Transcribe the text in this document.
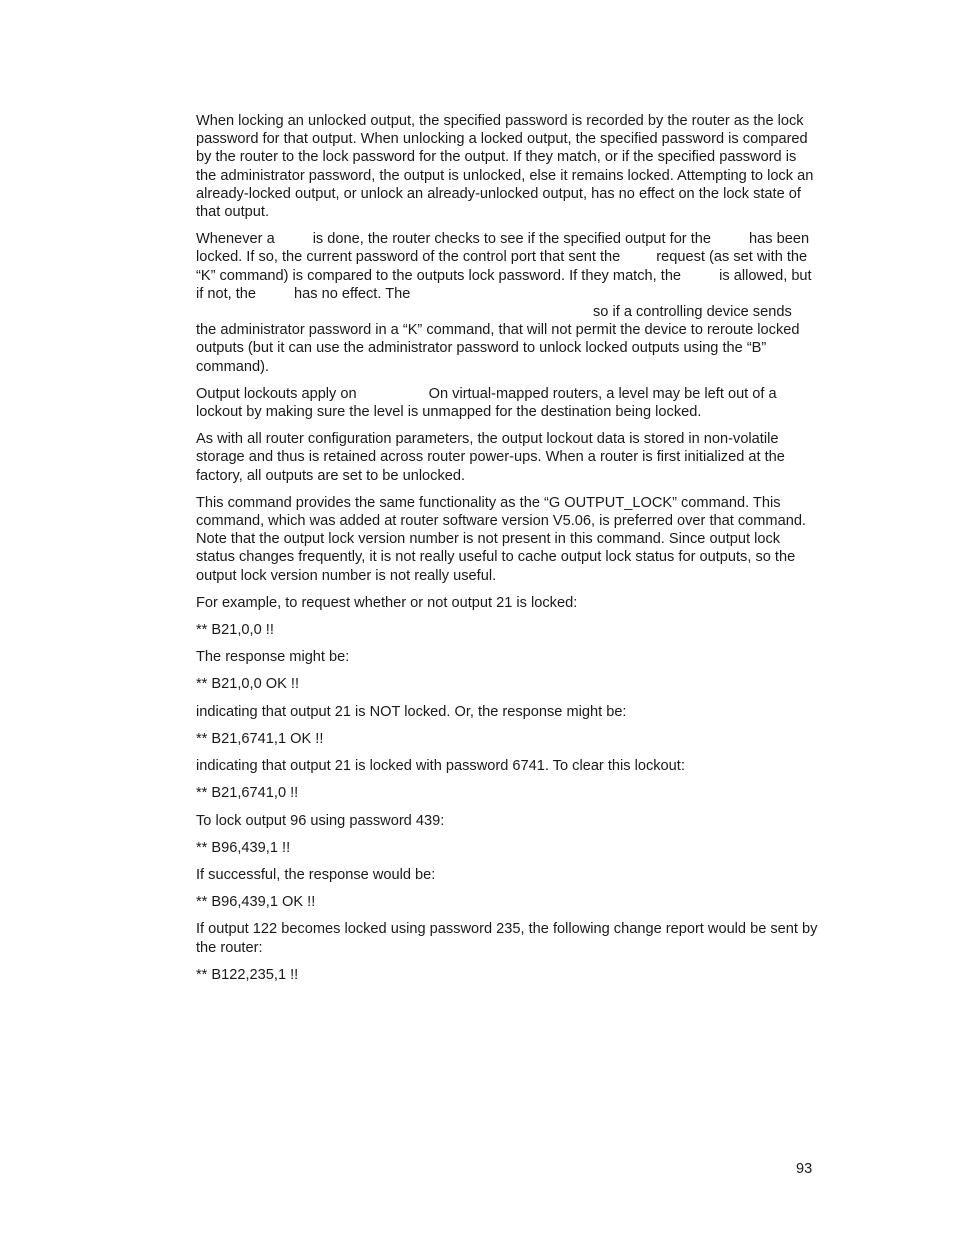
When locking an unlocked output, the specified password is recorded by the router as the lock password for that output. When unlocking a locked output, the specified password is compared by the router to the lock password for the output. If they match, or if the specified password is the administrator password, the output is unlocked, else it remains locked. Attempting to lock an already-locked output, or unlock an already-unlocked output, has no effect on the lock state of that output.

Whenever a	is done, the router checks to see if the specified output for the	has been locked. If so, the current password of the control port that sent the request (as set with the “K” command) is compared to the outputs lock password. If they match, the	is allowed, but if not, the	has no effect. The
so if a controlling device sends
the administrator password in a “K” command, that will not permit the device to reroute locked outputs (but it can use the administrator password to unlock locked outputs using the “B” command).

Output lockouts apply on	On virtual-mapped routers, a level may be left out of a lockout by making sure the level is unmapped for the destination being locked.

As with all router configuration parameters, the output lockout data is stored in non-volatile storage and thus is retained across router power-ups. When a router is first initialized at the factory, all outputs are set to be unlocked.

This command provides the same functionality as the “G OUTPUT_LOCK” command. This command, which was added at router software version V5.06, is preferred over that command. Note that the output lock version number is not present in this command. Since output lock status changes frequently, it is not really useful to cache output lock status for outputs, so the output lock version number is not really useful.

For example, to request whether or not output 21 is locked:

** B21,0,0 !!

The response might be:

** B21,0,0 OK !!

indicating that output 21 is NOT locked. Or, the response might be:

** B21,6741,1 OK !!

indicating that output 21 is locked with password 6741. To clear this lockout:

** B21,6741,0 !!

To lock output 96 using password 439:

** B96,439,1 !!

If successful, the response would be:

** B96,439,1 OK !!

If output 122 becomes locked using password 235, the following change report would be sent by the router:

** B122,235,1 !!

93
